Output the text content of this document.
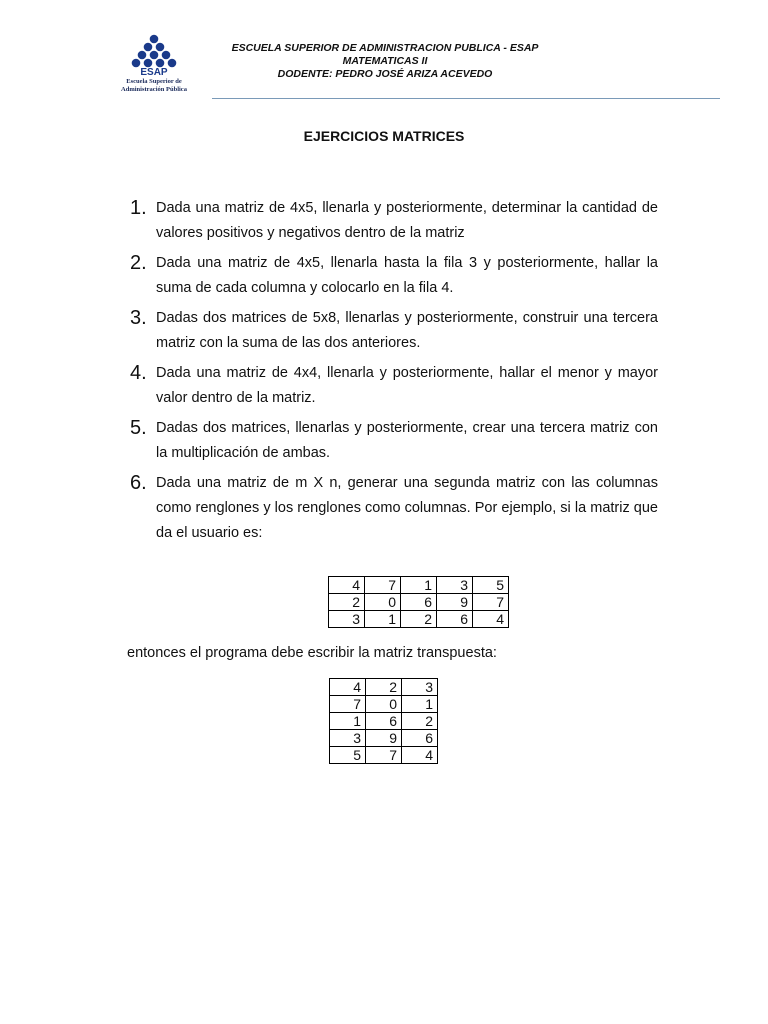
ESAP
Escuela Superior de
Administración Pública
ESCUELA SUPERIOR DE ADMINISTRACION PUBLICA - ESAP
MATEMATICAS II
DODENTE: PEDRO JOSÉ ARIZA ACEVEDO
EJERCICIOS MATRICES
1. Dada una matriz de 4x5, llenarla y posteriormente, determinar la cantidad de valores positivos y negativos dentro de la matriz
2. Dada una matriz de 4x5, llenarla hasta la fila 3 y posteriormente, hallar la suma de cada columna y colocarlo en la fila 4.
3. Dadas dos matrices de 5x8, llenarlas y posteriormente, construir una tercera matriz con la suma de las dos anteriores.
4. Dada una matriz de 4x4, llenarla y posteriormente, hallar el menor y mayor valor dentro de la matriz.
5. Dadas dos matrices, llenarlas y posteriormente, crear una tercera matriz con la multiplicación de ambas.
6. Dada una matriz de m X n, generar una segunda matriz con las columnas como renglones y los renglones como columnas. Por ejemplo, si la matriz que da el usuario es:
4	7	1	3	5
2	0	6	9	7
3	1	2	6	4
entonces el programa debe escribir la matriz transpuesta:
4	2	3
7	0	1
1	6	2
3	9	6
5	7	4
